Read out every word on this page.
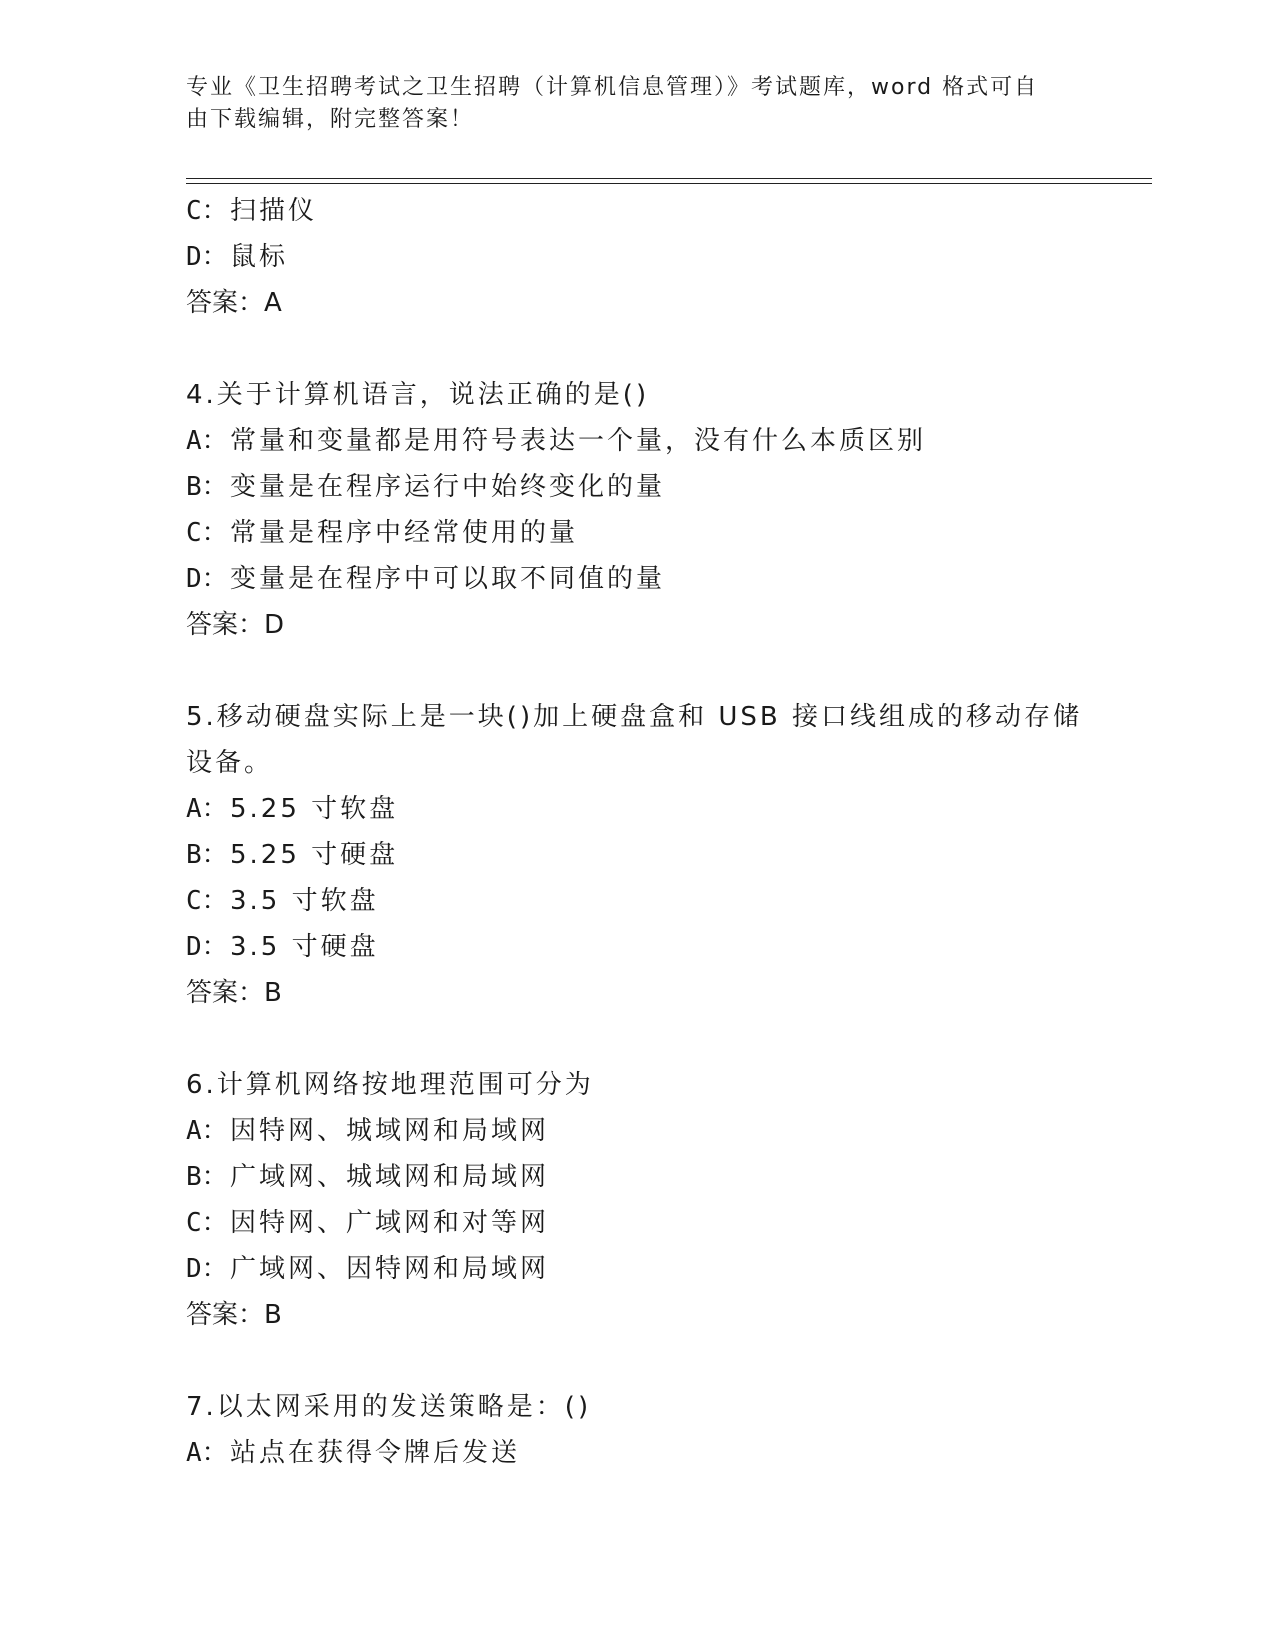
专业《卫生招聘考试之卫生招聘（计算机信息管理）》考试题库，word 格式可自
由下载编辑，附完整答案！
C：扫描仪
D：鼠标
答案：A
4.关于计算机语言，说法正确的是()
A：常量和变量都是用符号表达一个量，没有什么本质区别
B：变量是在程序运行中始终变化的量
C：常量是程序中经常使用的量
D：变量是在程序中可以取不同值的量
答案：D
5.移动硬盘实际上是一块()加上硬盘盒和 USB 接口线组成的移动存储
设备。
A：5.25 寸软盘
B：5.25 寸硬盘
C：3.5 寸软盘
D：3.5 寸硬盘
答案：B
6.计算机网络按地理范围可分为
A：因特网、城域网和局域网
B：广域网、城域网和局域网
C：因特网、广域网和对等网
D：广域网、因特网和局域网
答案：B
7.以太网采用的发送策略是：()
A：站点在获得令牌后发送
